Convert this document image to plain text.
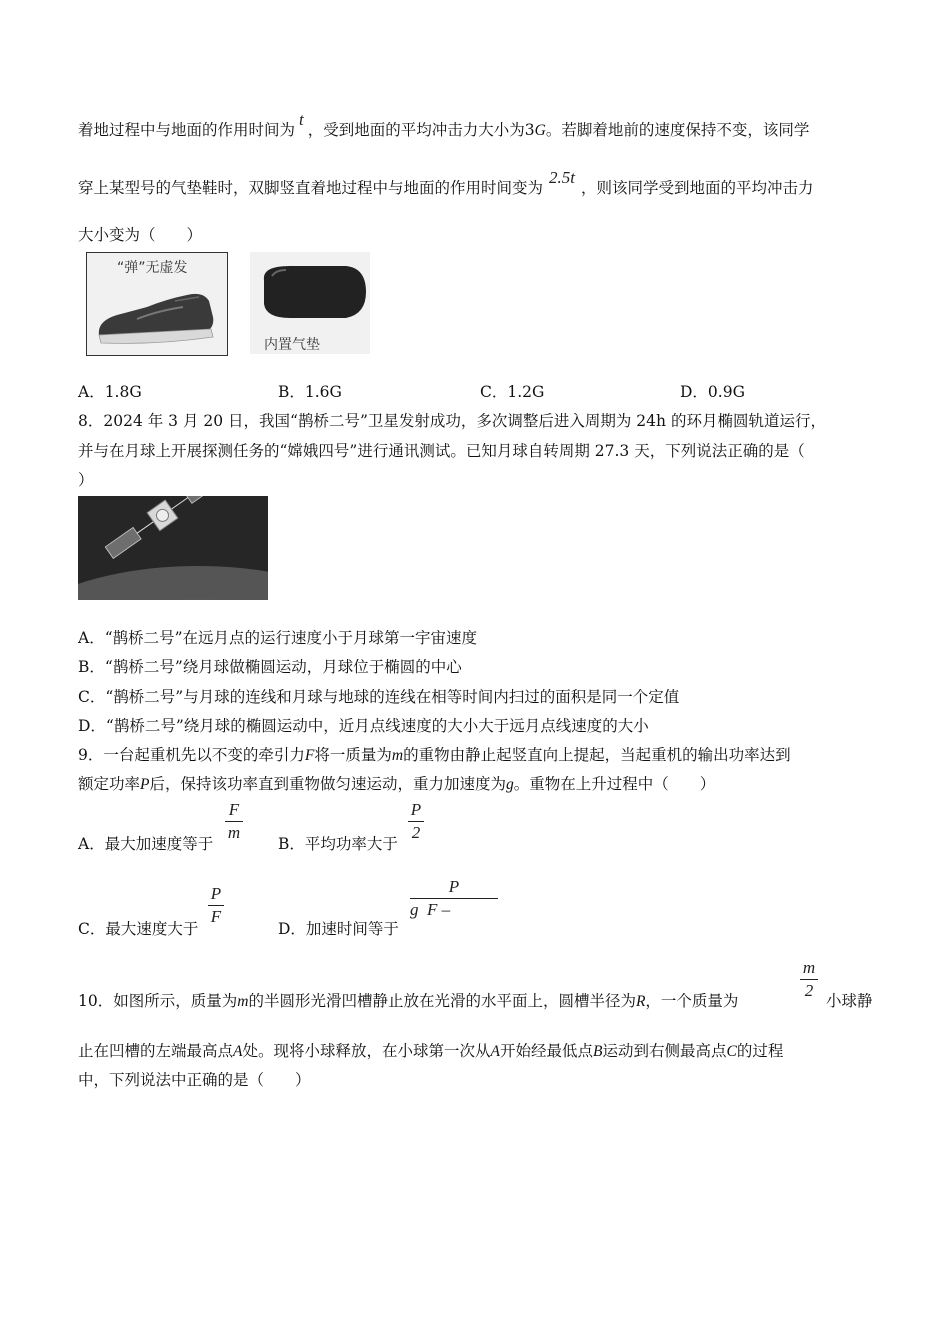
着地过程中与地面的作用时间为t，受到地面的平均冲击力大小为3G。若脚着地前的速度保持不变，该同学
穿上某型号的气垫鞋时，双脚竖直着地过程中与地面的作用时间变为2.5t，则该同学受到地面的平均冲击力
大小变为（　　）
“弹”无虚发
内置气垫
A．1.8G	B．1.6G	C．1.2G	D．0.9G
8．2024 年 3 月 20 日，我国“鹊桥二号”卫星发射成功，多次调整后进入周期为 24h 的环月椭圆轨道运行，
并与在月球上开展探测任务的“嫦娥四号”进行通讯测试。已知月球自转周期 27.3 天，下列说法正确的是（
）
A．“鹊桥二号”在远月点的运行速度小于月球第一宇宙速度
B．“鹊桥二号”绕月球做椭圆运动，月球位于椭圆的中心
C．“鹊桥二号”与月球的连线和月球与地球的连线在相等时间内扫过的面积是同一个定值
D．“鹊桥二号”绕月球的椭圆运动中，近月点线速度的大小大于远月点线速度的大小
9．一台起重机先以不变的牵引力F将一质量为m的重物由静止起竖直向上提起，当起重机的输出功率达到
额定功率P后，保持该功率直到重物做匀速运动，重力加速度为g。重物在上升过程中（　　）
A．最大加速度等于
F
m
B．平均功率大于
P
2
C．最大速度大于
P
F
D．加速时间等于
P
g  F –
m
2
10．如图所示，质量为m的半圆形光滑凹槽静止放在光滑的水平面上，圆槽半径为R，一个质量为	小球静
止在凹槽的左端最高点A处。现将小球释放，在小球第一次从A开始经最低点B运动到右侧最高点C的过程
中，下列说法中正确的是（　　）
